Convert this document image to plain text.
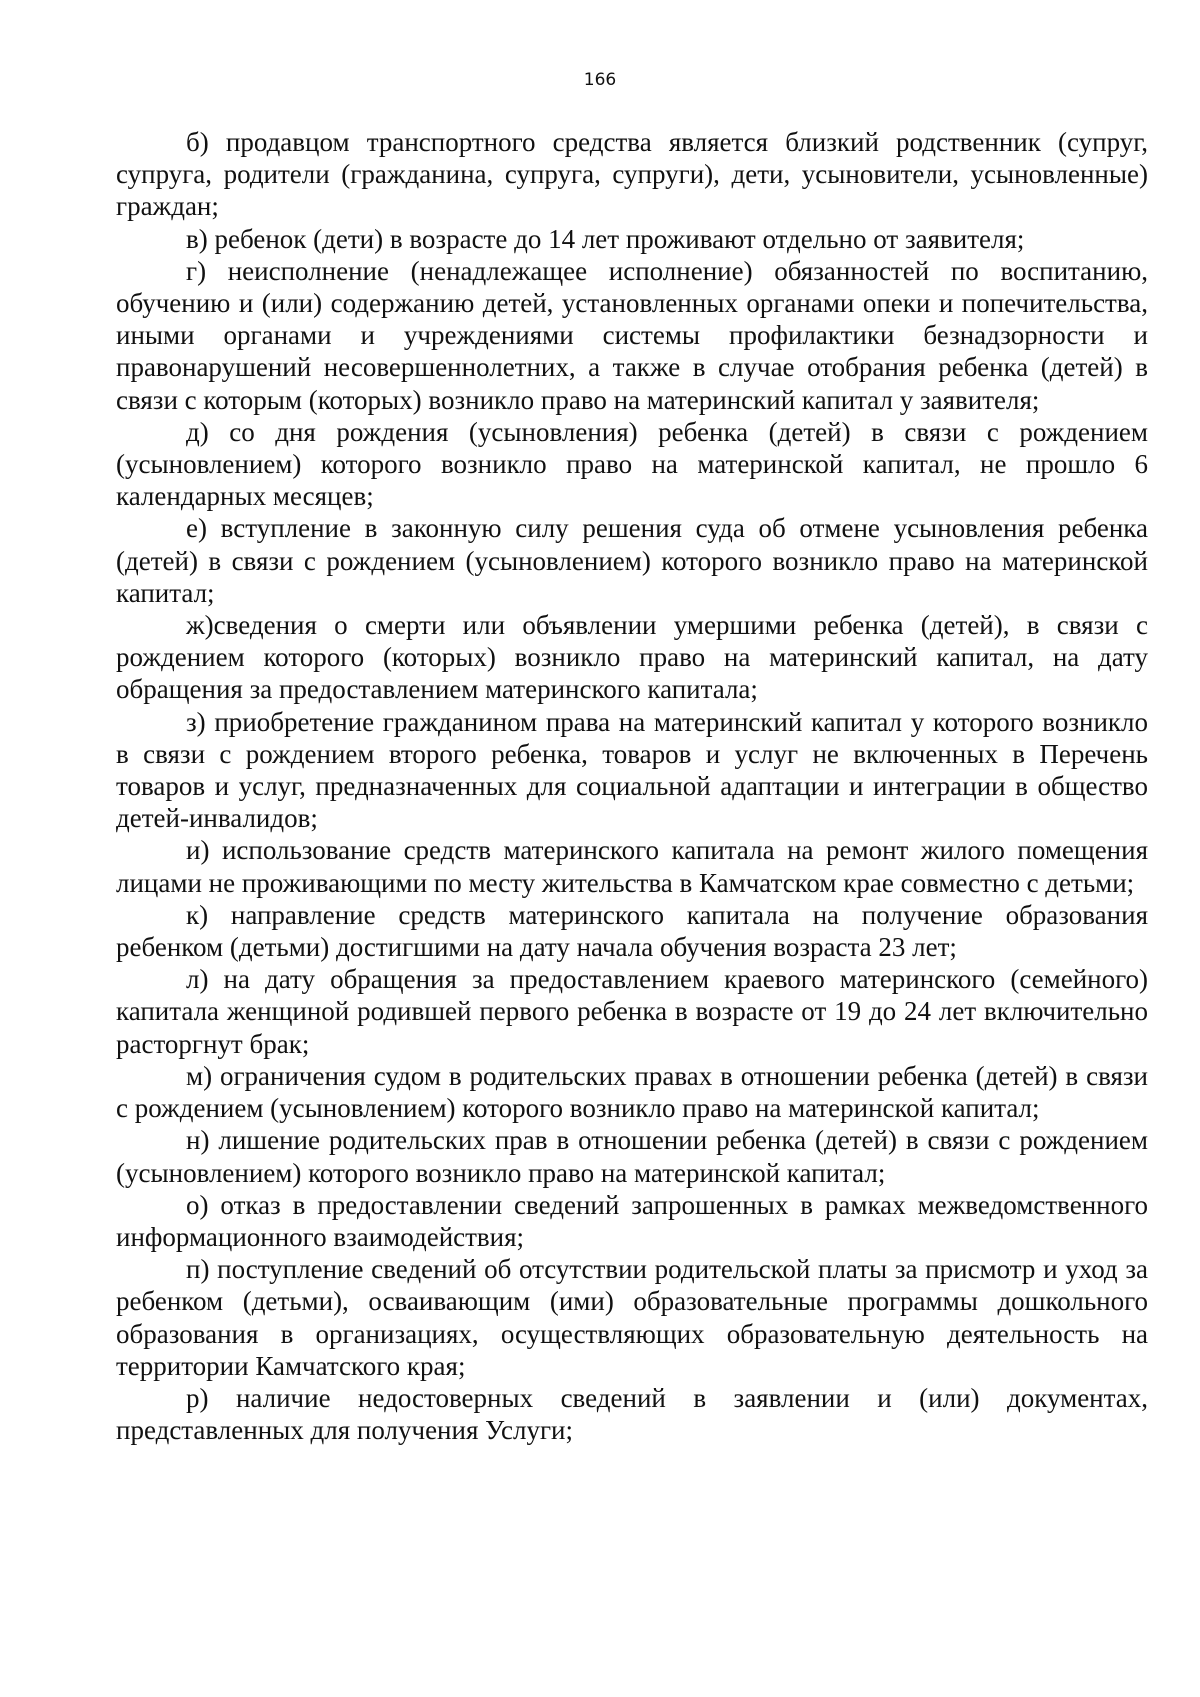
166

б) продавцом транспортного средства является близкий родственник (супруг, супруга, родители (гражданина, супруга, супруги), дети, усыновители, усыновленные) граждан;

в) ребенок (дети) в возрасте до 14 лет проживают отдельно от заявителя;

г) неисполнение (ненадлежащее исполнение) обязанностей по воспитанию, обучению и (или) содержанию детей, установленных органами опеки и попечительства, иными органами и учреждениями системы профилактики безнадзорности и правонарушений несовершеннолетних, а также в случае отобрания ребенка (детей) в связи с которым (которых) возникло право на материнский капитал у заявителя;

д) со дня рождения (усыновления) ребенка (детей) в связи с рождением (усыновлением) которого возникло право на материнской капитал, не прошло 6 календарных месяцев;

е) вступление в законную силу решения суда об отмене усыновления ребенка (детей) в связи с рождением (усыновлением) которого возникло право на материнской капитал;

ж)сведения о смерти или объявлении умершими ребенка (детей), в связи с рождением которого (которых) возникло право на материнский капитал, на дату обращения за предоставлением материнского капитала;

з) приобретение гражданином права на материнский капитал у которого возникло в связи с рождением второго ребенка, товаров и услуг не включенных в Перечень товаров и услуг, предназначенных для социальной адаптации и интеграции в общество детей-инвалидов;

и) использование средств материнского капитала на ремонт жилого помещения лицами не проживающими по месту жительства в Камчатском крае совместно с детьми;

к) направление средств материнского капитала на получение образования ребенком (детьми) достигшими на дату начала обучения возраста 23 лет;

л) на дату обращения за предоставлением краевого материнского (семейного) капитала женщиной родившей первого ребенка в возрасте от 19 до 24 лет включительно расторгнут брак;

м) ограничения судом в родительских правах в отношении ребенка (детей) в связи с рождением (усыновлением) которого возникло право на материнской капитал;

н) лишение родительских прав в отношении ребенка (детей) в связи с рождением (усыновлением) которого возникло право на материнской капитал;

о) отказ в предоставлении сведений запрошенных в рамках межведомственного информационного взаимодействия;

п) поступление сведений об отсутствии родительской платы за присмотр и уход за ребенком (детьми), осваивающим (ими) образовательные программы дошкольного образования в организациях, осуществляющих образовательную деятельность на территории Камчатского края;

р) наличие недостоверных сведений в заявлении и (или) документах, представленных для получения Услуги;
